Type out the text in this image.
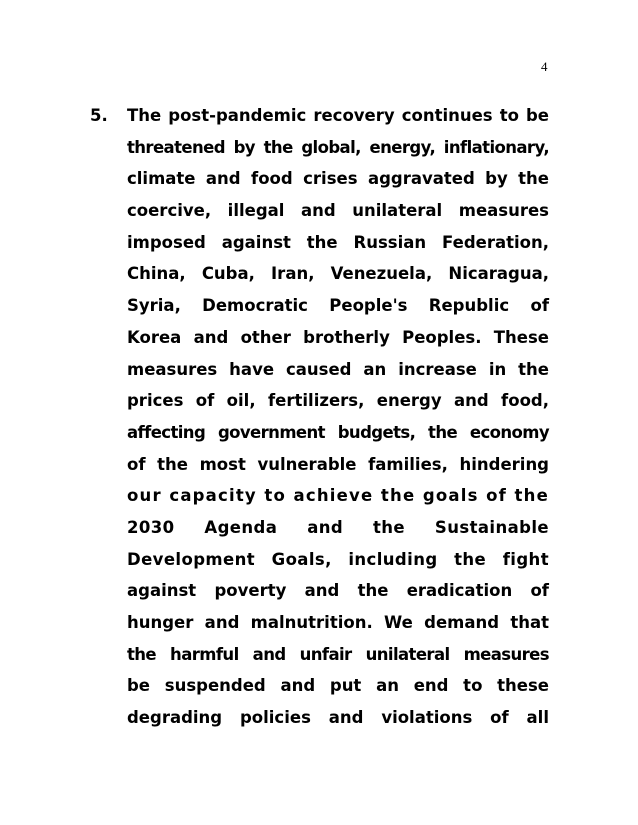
4
5. The post-pandemic recovery continues to be
threatened by the global, energy, inflationary,
climate and food crises aggravated by the
coercive, illegal and unilateral measures
imposed against the Russian Federation,
China, Cuba, Iran, Venezuela, Nicaragua,
Syria, Democratic People's Republic of
Korea and other brotherly Peoples. These
measures have caused an increase in the
prices of oil, fertilizers, energy and food,
affecting government budgets, the economy
of the most vulnerable families, hindering
our capacity to achieve the goals of the
2030 Agenda and the Sustainable
Development Goals, including the fight
against poverty and the eradication of
hunger and malnutrition. We demand that
the harmful and unfair unilateral measures
be suspended and put an end to these
degrading policies and violations of all
